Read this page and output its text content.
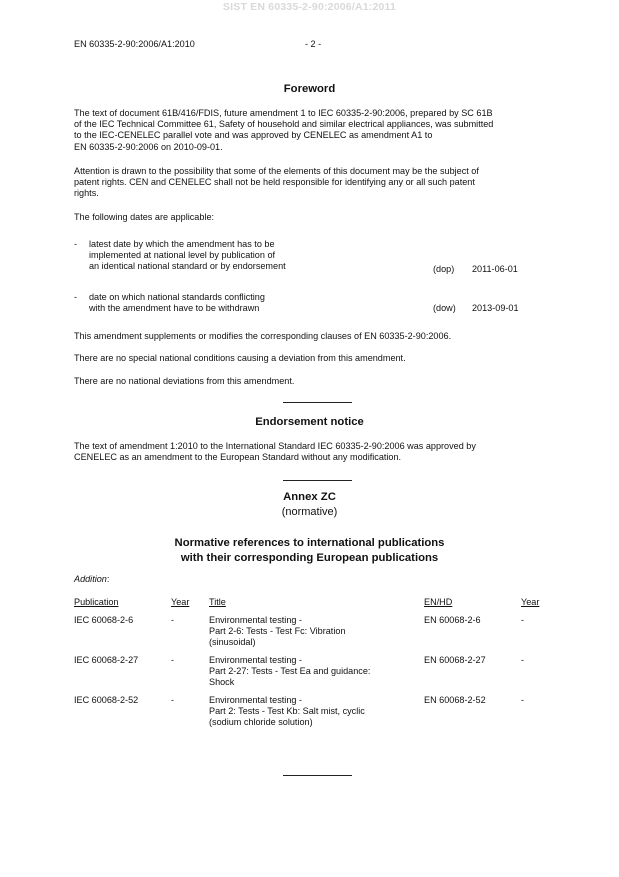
SIST EN 60335-2-90:2006/A1:2011
EN 60335-2-90:2006/A1:2010	- 2 -
Foreword
The text of document 61B/416/FDIS, future amendment 1 to IEC 60335-2-90:2006, prepared by SC 61B
of the IEC Technical Committee 61, Safety of household and similar electrical appliances, was submitted
to the IEC-CENELEC parallel vote and was approved by CENELEC as amendment A1 to
EN 60335-2-90:2006 on 2010-09-01.
Attention is drawn to the possibility that some of the elements of this document may be the subject of
patent rights. CEN and CENELEC shall not be held responsible for identifying any or all such patent
rights.
The following dates are applicable:
- latest date by which the amendment has to be
implemented at national level by publication of
an identical national standard or by endorsement	(dop) 2011-06-01
- date on which national standards conflicting
with the amendment have to be withdrawn	(dow) 2013-09-01
This amendment supplements or modifies the corresponding clauses of EN 60335-2-90:2006.
There are no special national conditions causing a deviation from this amendment.
There are no national deviations from this amendment.
Endorsement notice
The text of amendment 1:2010 to the International Standard IEC 60335-2-90:2006 was approved by
CENELEC as an amendment to the European Standard without any modification.
Annex ZC
(normative)
Normative references to international publications
with their corresponding European publications
Addition:
Publication	Year Title	EN/HD	Year
IEC 60068-2-6	-	Environmental testing -
Part 2-6: Tests - Test Fc: Vibration
(sinusoidal)
EN 60068-2-6	-
IEC 60068-2-27	-	Environmental testing -
Part 2-27: Tests - Test Ea and guidance:
Shock
EN 60068-2-27	-
IEC 60068-2-52	-	Environmental testing -
Part 2: Tests - Test Kb: Salt mist, cyclic
(sodium chloride solution)
EN 60068-2-52	-
